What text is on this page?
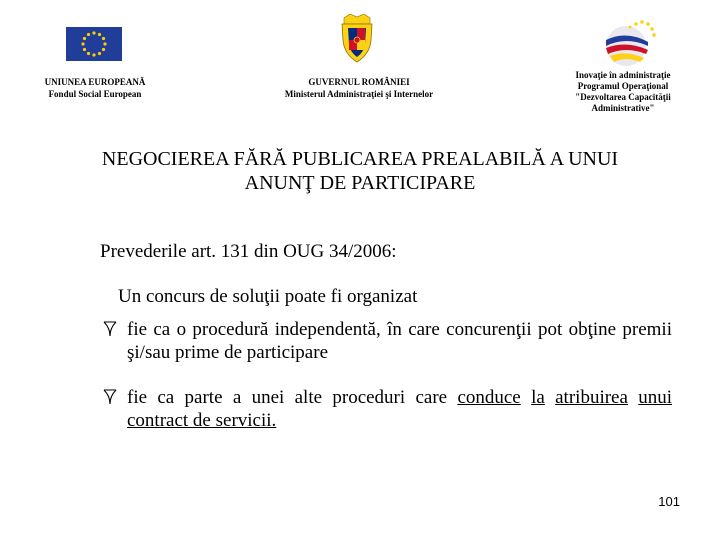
UNIUNEA EUROPEANĂ
Fondul Social European
GUVERNUL ROMÂNIEI
Ministerul Administraţiei şi Internelor
Inovaţie în administraţie
Programul Operaţional
"Dezvoltarea Capacităţii
Administrative"
NEGOCIEREA FĂRĂ PUBLICAREA PREALABILĂ A UNUI
ANUNŢ DE PARTICIPARE
Prevederile art. 131 din OUG 34/2006:
Un concurs de soluţii poate fi organizat
fie ca o procedură independentă, în care concurenţii pot obţine premii şi/sau prime de participare
fie ca parte a unei alte proceduri care conduce la atribuirea unui contract de servicii.
101
